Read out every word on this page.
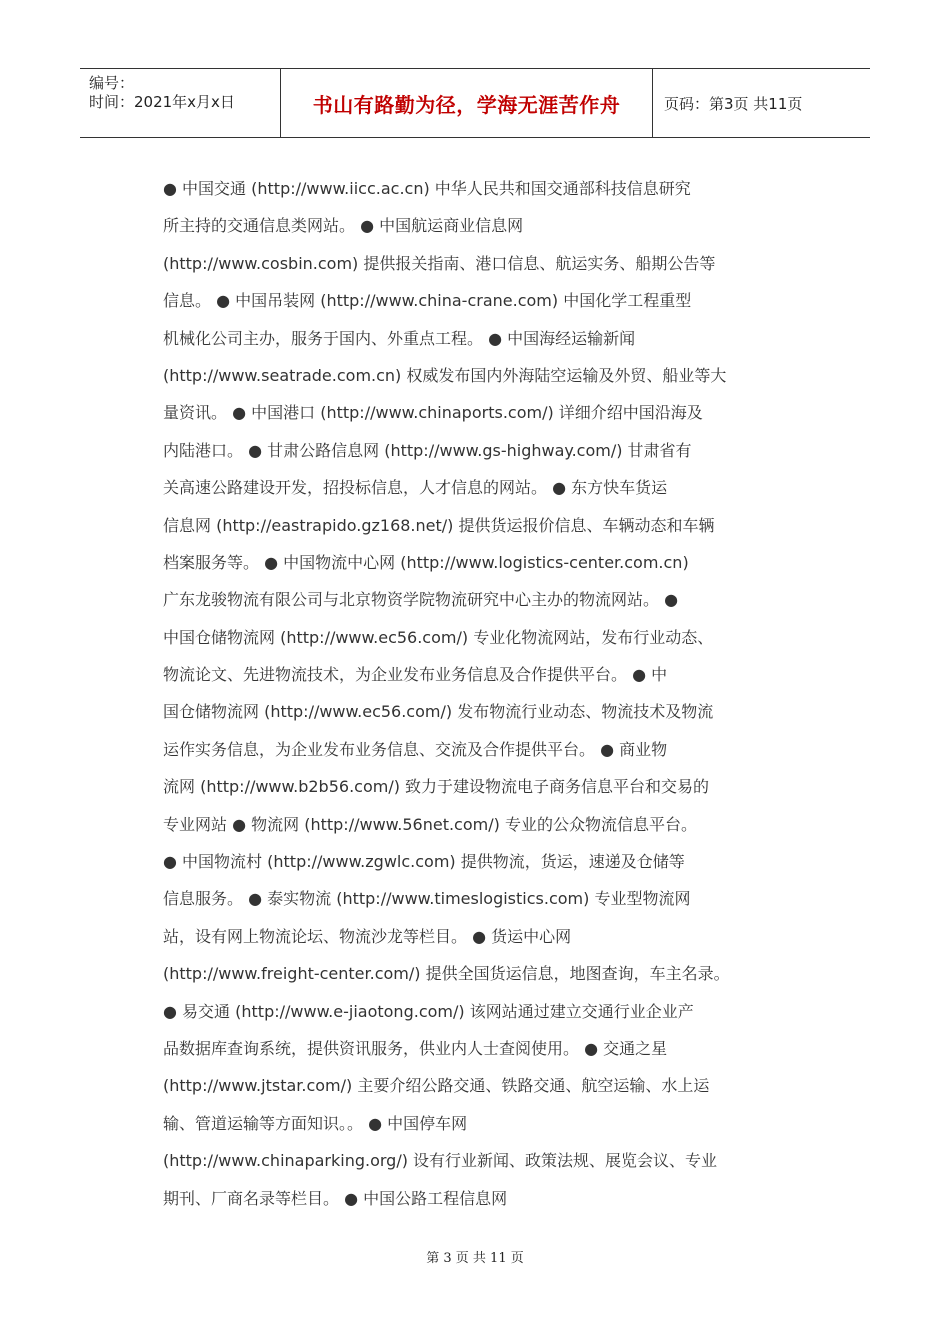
编号：
时间：2021年x月x日	书山有路勤为径，学海无涯苦作舟	页码：第3页 共11页
● 中国交通 (http://www.iicc.ac.cn) 中华人民共和国交通部科技信息研究
所主持的交通信息类网站。 ● 中国航运商业信息网
(http://www.cosbin.com) 提供报关指南、港口信息、航运实务、船期公告等
信息。 ● 中国吊装网 (http://www.china-crane.com) 中国化学工程重型
机械化公司主办，服务于国内、外重点工程。 ● 中国海经运输新闻
(http://www.seatrade.com.cn) 权威发布国内外海陆空运输及外贸、船业等大
量资讯。 ● 中国港口 (http://www.chinaports.com/) 详细介绍中国沿海及
内陆港口。 ● 甘肃公路信息网 (http://www.gs-highway.com/) 甘肃省有
关高速公路建设开发，招投标信息，人才信息的网站。 ● 东方快车货运
信息网 (http://eastrapido.gz168.net/) 提供货运报价信息、车辆动态和车辆
档案服务等。 ● 中国物流中心网 (http://www.logistics-center.com.cn)
广东龙骏物流有限公司与北京物资学院物流研究中心主办的物流网站。 ●
中国仓储物流网 (http://www.ec56.com/) 专业化物流网站，发布行业动态、
物流论文、先进物流技术，为企业发布业务信息及合作提供平台。 ● 中
国仓储物流网 (http://www.ec56.com/) 发布物流行业动态、物流技术及物流
运作实务信息，为企业发布业务信息、交流及合作提供平台。 ● 商业物
流网 (http://www.b2b56.com/) 致力于建设物流电子商务信息平台和交易的
专业网站 ● 物流网 (http://www.56net.com/) 专业的公众物流信息平台。
● 中国物流村 (http://www.zgwlc.com) 提供物流，货运，速递及仓储等
信息服务。 ● 泰实物流 (http://www.timeslogistics.com) 专业型物流网
站，设有网上物流论坛、物流沙龙等栏目。 ● 货运中心网
(http://www.freight-center.com/) 提供全国货运信息，地图查询，车主名录。
● 易交通 (http://www.e-jiaotong.com/) 该网站通过建立交通行业企业产
品数据库查询系统，提供资讯服务，供业内人士查阅使用。 ● 交通之星
(http://www.jtstar.com/) 主要介绍公路交通、铁路交通、航空运输、水上运
输、管道运输等方面知识。。 ● 中国停车网
(http://www.chinaparking.org/) 设有行业新闻、政策法规、展览会议、专业
期刊、厂商名录等栏目。 ● 中国公路工程信息网
第 3 页 共 11 页
